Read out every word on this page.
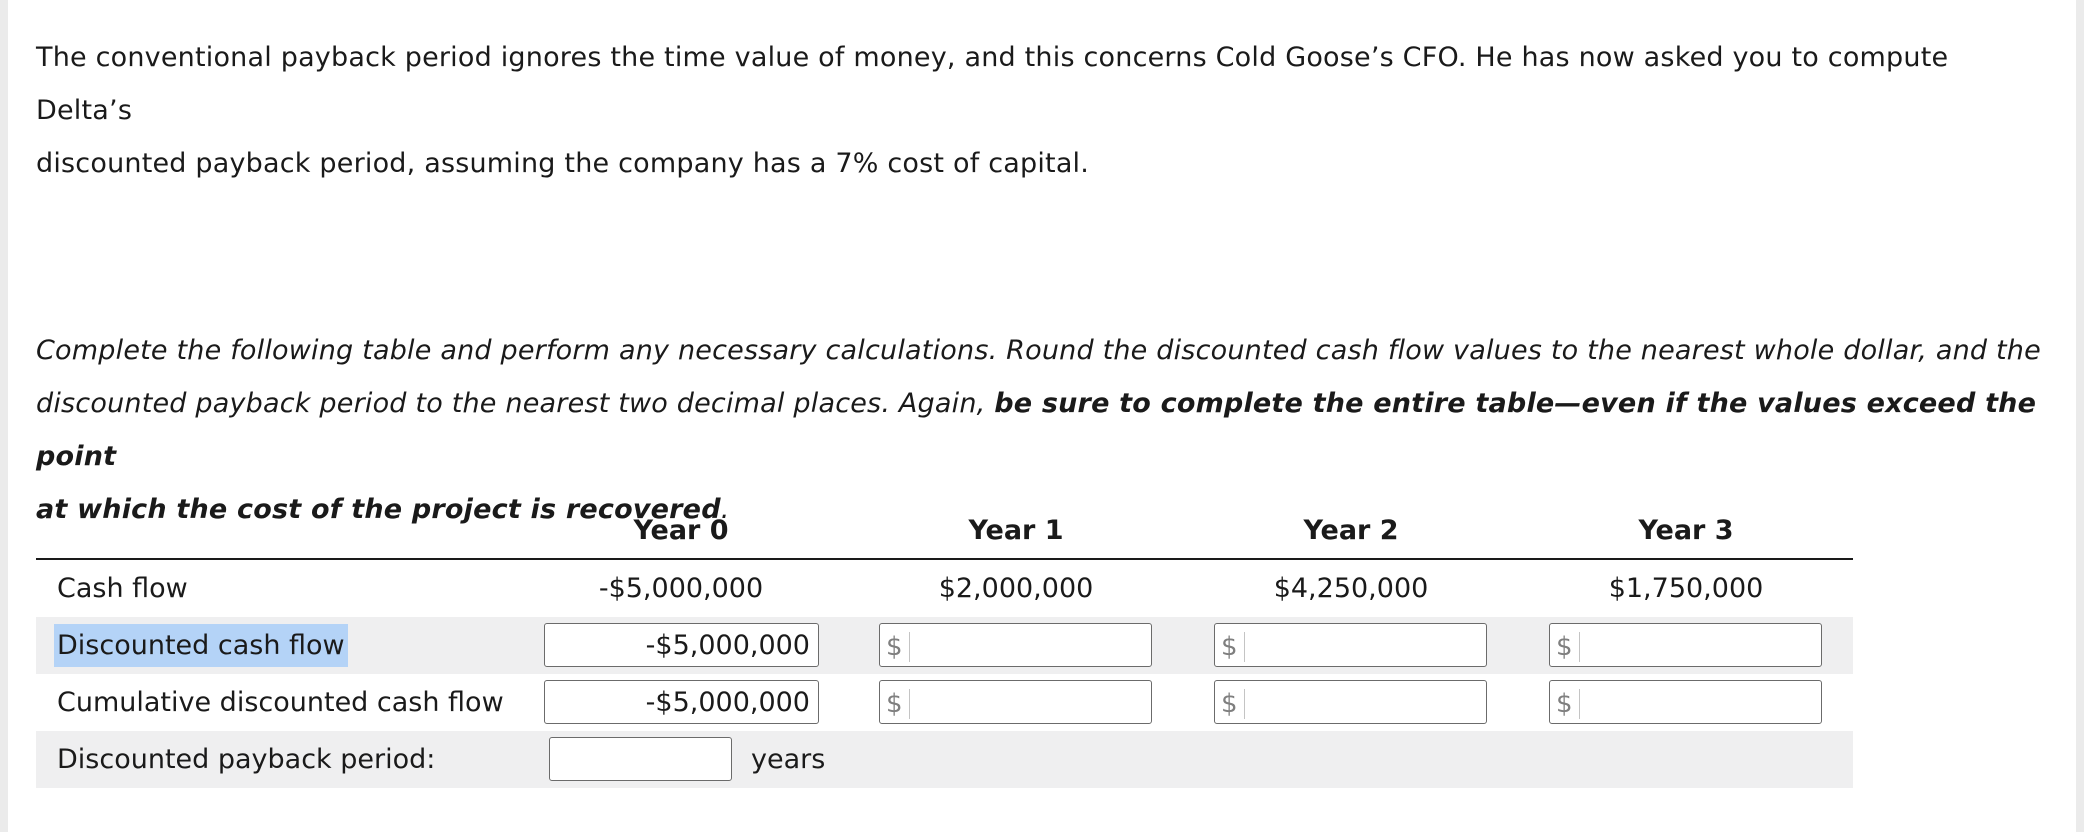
The conventional payback period ignores the time value of money, and this concerns Cold Goose’s CFO. He has now asked you to compute Delta’s
discounted payback period, assuming the company has a 7% cost of capital.
Complete the following table and perform any necessary calculations. Round the discounted cash flow values to the nearest whole dollar, and the
discounted payback period to the nearest two decimal places. Again, be sure to complete the entire table—even if the values exceed the point
at which the cost of the project is recovered.
Year 0	Year 1	Year 2	Year 3
Cash flow	-$5,000,000	$2,000,000	$4,250,000	$1,750,000
Discounted cash flow	-$5,000,000	$	$	$
Cumulative discounted cash flow	-$5,000,000	$	$	$
Discounted payback period:	years
